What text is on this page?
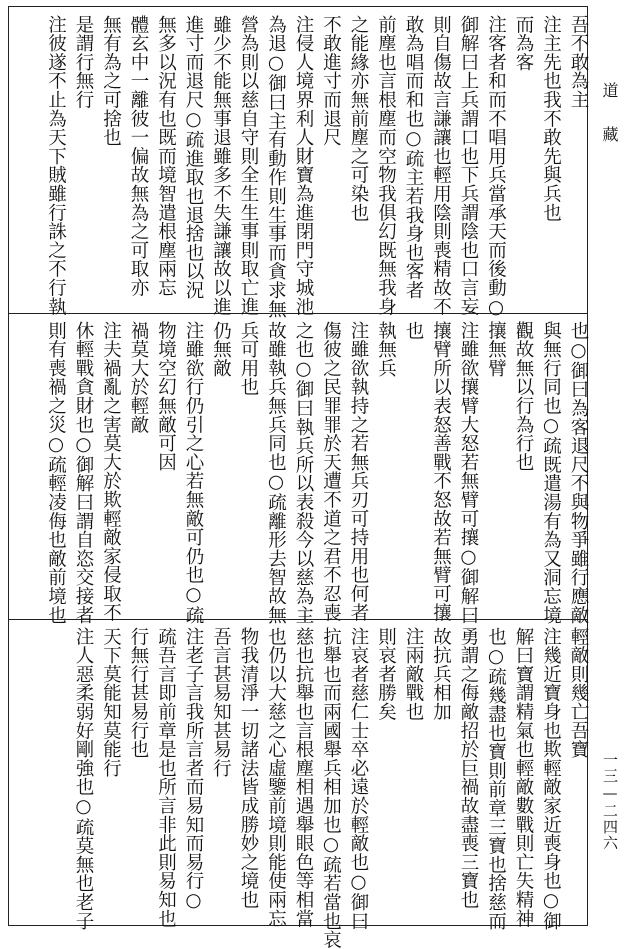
吾不敢為主
注主先也我不敢先與兵也
而為客
注客者和而不唱用兵當承天而後動○
御解曰上兵謂口也下兵謂陰也口言妄
則自傷故言謙讓也輕用陰則喪精故不
敢為唱而和也○疏主若我身也客者
前塵也言根塵而空物我俱幻既無我身
之能緣亦無前塵之可染也
不敢進寸而退尺
注侵人境界利人財寶為進閉門守城池
為退○御曰主有動作則生事而貪求無
營為則以慈自守則全生生事則取亡進
雖少不能無事退雖多不失謙讓故以進
進寸而退尺○疏進取也退捨也以況
無多以況有也既而境智遣根塵兩忘
體玄中一離彼一偏故無為之可取亦
無有為之可捨也
是謂行無行
注彼遂不止為天下賊雖行誅之不行執
也○御曰為客退尺不與物爭雖行應敵
與無行同也○疏既遣湯有為又洞忘境
觀故無以行為行也
攘無臂
注雖欲攘臂大怒若無臂可攘○御解曰
攘臂所以表怒善戰不怒故若無臂可攘
也
執無兵
注雖欲執持之若無兵刃可持用也何者
傷彼之民罪罪於天遭不道之君不忍喪
之也○御曰執兵所以表殺今以慈為主
故雖執兵無兵同也○疏離形去智故無
兵可用也
仍無敵
注雖欲行仍引之心若無敵可仍也○疏
物境空幻無敵可因
禍莫大於輕敵
注夫禍亂之害莫大於欺輕敵家侵取不
休輕戰貪財也○御解曰謂自恣交接者
則有喪禍之災○疏輕凌侮也敵前境也
輕敵則幾亡吾寶
注幾近寶身也欺輕敵家近喪身也○御
解曰寶謂精氣也輕敵數戰則亡失精神
也○疏幾盡也寶則前章三寶也捨慈而
勇謂之侮敵招於巨禍故盡喪三寶也
故抗兵相加
注兩敵戰也
則哀者勝矣
注哀者慈仁士卒必遠於輕敵也○御曰
抗舉也而兩國舉兵相加也○疏若當也哀
慈也抗舉也言根塵相遇舉眼色等相當
也仍以大慈之心虛鑒前境則能使兩忘
物我清淨一切諸法皆成勝妙之境也
吾言甚易知甚易行
注老子言我所言者而易知而易行○
疏吾言即前章是也所言非此則易知也
行無行甚易行也
天下莫能知莫能行
注人惡柔弱好剛強也○疏莫無也老子
道　藏
一三—二四六
